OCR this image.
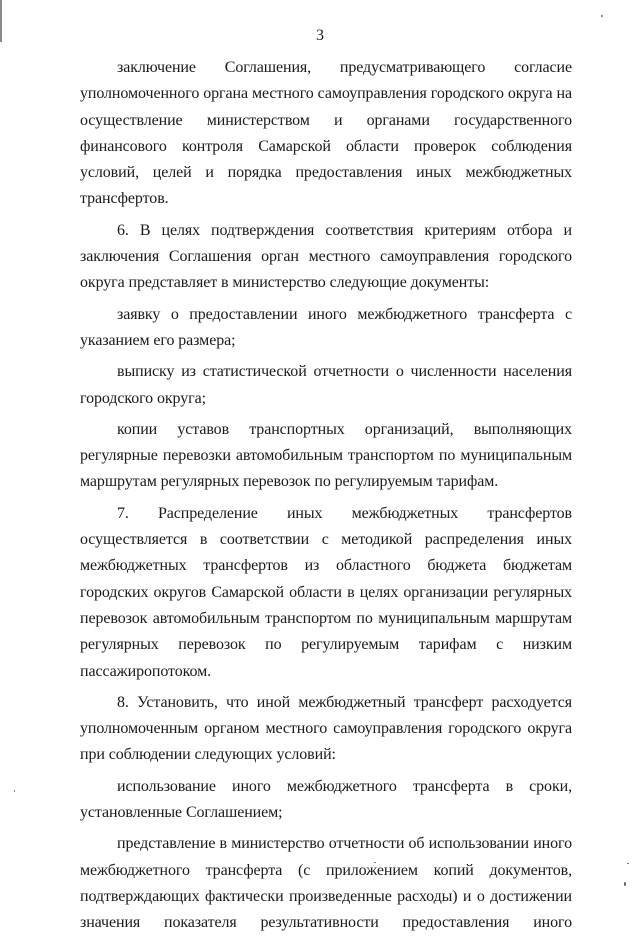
3

заключение Соглашения, предусматривающего согласие уполномоченного органа местного самоуправления городского округа на осуществление министерством и органами государственного финансового контроля Самарской области проверок соблюдения условий, целей и порядка предоставления иных межбюджетных трансфертов.

6. В целях подтверждения соответствия критериям отбора и заключения Соглашения орган местного самоуправления городского округа представляет в министерство следующие документы:

заявку о предоставлении иного межбюджетного трансферта с указанием его размера;

выписку из статистической отчетности о численности населения городского округа;

копии уставов транспортных организаций, выполняющих регулярные перевозки автомобильным транспортом по муниципальным маршрутам регулярных перевозок по регулируемым тарифам.

7. Распределение иных межбюджетных трансфертов осуществляется в соответствии с методикой распределения иных межбюджетных трансфертов из областного бюджета бюджетам городских округов Самарской области в целях организации регулярных перевозок автомобильным транспортом по муниципальным маршрутам регулярных перевозок по регулируемым тарифам с низким пассажиропотоком.

8. Установить, что иной межбюджетный трансферт расходуется уполномоченным органом местного самоуправления городского округа при соблюдении следующих условий:

использование иного межбюджетного трансферта в сроки, установленные Соглашением;

представление в министерство отчетности об использовании иного межбюджетного трансферта (с приложением копий документов, подтверждающих фактически произведенные расходы) и о достижении значения показателя результативности предоставления иного
